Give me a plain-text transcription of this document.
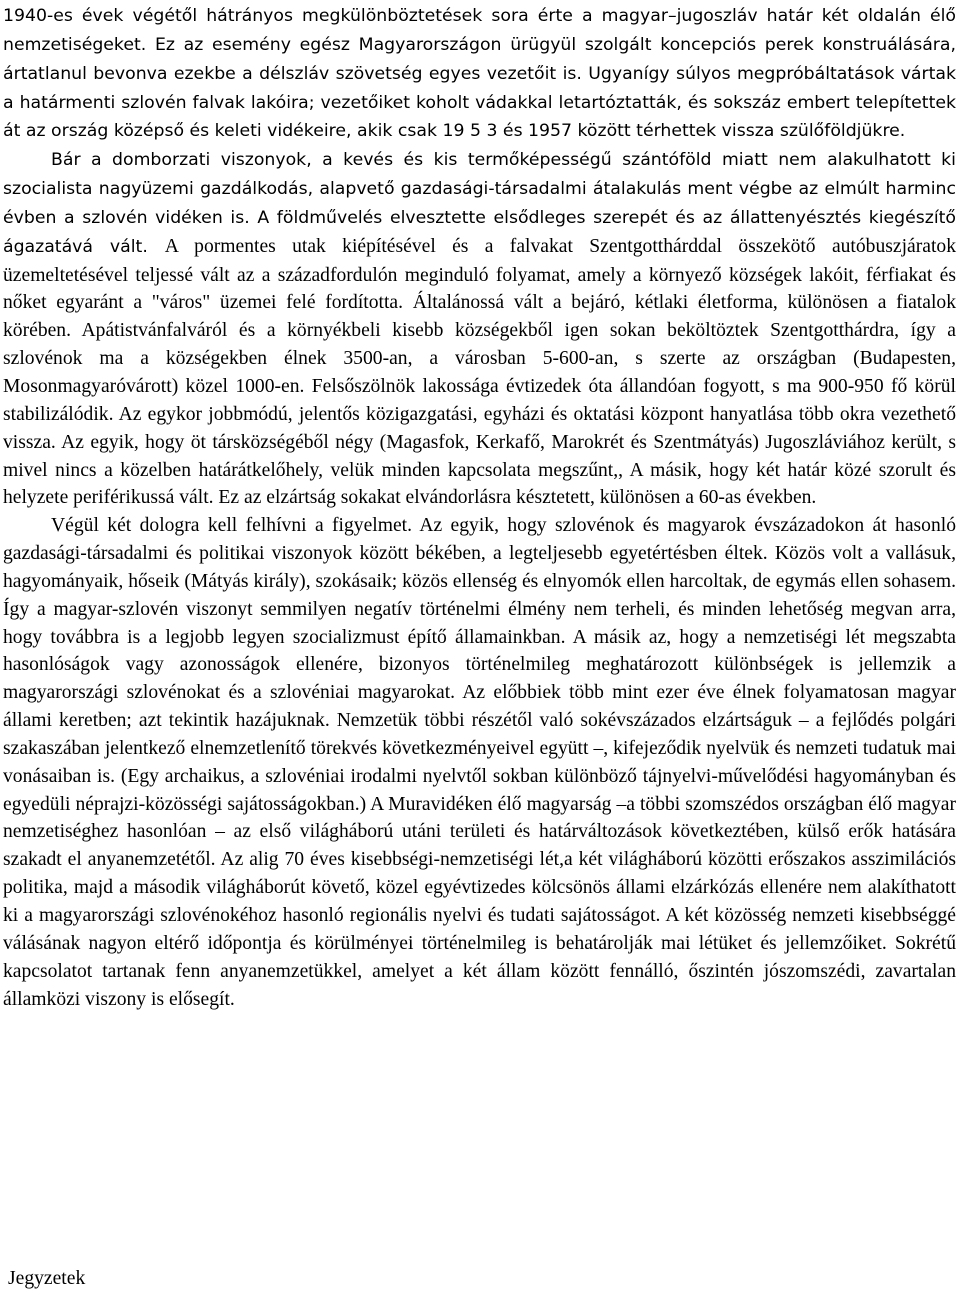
1940-es évek végétől hátrányos megkülönböztetések sora érte a magyar–jugoszláv határ két oldalán élő nemzetiségeket. Ez az esemény egész Magyarországon ürügyül szolgált koncepciós perek konstruálására, ártatlanul bevonva ezekbe a délszláv szövetség egyes vezetőit is. Ugyanígy súlyos megpróbáltatások vártak a határmenti szlovén falvak lakóira; vezetőiket koholt vádakkal letartóztatták, és sokszáz embert telepítettek át az ország középső és keleti vidékeire, akik csak 19 5 3 és 1957 között térhettek vissza szülőföldjükre.

Bár a domborzati viszonyok, a kevés és kis termőképességű szántóföld miatt nem alakulhatott ki szocialista nagyüzemi gazdálkodás, alapvető gazdasági-társadalmi átalakulás ment végbe az elmúlt harminc évben a szlovén vidéken is. A földművelés elvesztette elsődleges szerepét és az állattenyésztés kiegészítő ágazatává vált. A pormentes utak kiépítésével és a falvakat Szentgotthárddal összekötő autóbuszjáratok üzemeltetésével teljessé vált az a századfordulón meginduló folyamat, amely a környező községek lakóit, férfiakat és nőket egyaránt a "város" üzemei felé fordította. Általánossá vált a bejáró, kétlaki életforma, különösen a fiatalok körében. Apátistvánfalváról és a környékbeli kisebb községekből igen sokan beköltöztek Szentgotthárdra, így a szlovénok ma a községekben élnek 3500-an, a városban 5-600-an, s szerte az országban (Budapesten, Mosonmagyaróvárott) közel 1000-en. Felsőszölnök lakossága évtizedek óta állandóan fogyott, s ma 900-950 fő körül stabilizálódik. Az egykor jobbmódú, jelentős közigazgatási, egyházi és oktatási központ hanyatlása több okra vezethető vissza. Az egyik, hogy öt társközségéből négy (Magasfok, Kerkafő, Marokrét és Szentmátyás) Jugoszláviához került, s mivel nincs a közelben határátkelőhely, velük minden kapcsolata megszűnt,, A másik, hogy két határ közé szorult és helyzete periférikussá vált. Ez az elzártság sokakat elvándorlásra késztetett, különösen a 60-as években.

Végül két dologra kell felhívni a figyelmet. Az egyik, hogy szlovénok és magyarok évszázadokon át hasonló gazdasági-társadalmi és politikai viszonyok között békében, a legteljesebb egyetértésben éltek. Közös volt a vallásuk, hagyományaik, hőseik (Mátyás király), szokásaik; közös ellenség és elnyomók ellen harcoltak, de egymás ellen sohasem. Így a magyar-szlovén viszonyt semmilyen negatív történelmi élmény nem terheli, és minden lehetőség megvan arra, hogy továbbra is a legjobb legyen szocializmust építő államainkban. A másik az, hogy a nemzetiségi lét megszabta hasonlóságok vagy azonosságok ellenére, bizonyos történelmileg meghatározott különbségek is jellemzik a magyarországi szlovénokat és a szlovéniai magyarokat. Az előbbiek több mint ezer éve élnek folyamatosan magyar állami keretben; azt tekintik hazájuknak. Nemzetük többi részétől való sokévszázados elzártságuk – a fejlődés polgári szakaszában jelentkező elnemzetlenítő törekvés következményeivel együtt –, kifejeződik nyelvük és nemzeti tudatuk mai vonásaiban is. (Egy archaikus, a szlovéniai irodalmi nyelvtől sokban különböző tájnyelvi-művelődési hagyományban és egyedüli néprajzi-közösségi sajátosságokban.) A Muravidéken élő magyarság –a többi szomszédos országban élő magyar nemzetiséghez hasonlóan – az első világháború utáni területi és határváltozások következtében, külső erők hatására szakadt el anyanemzetétől. Az alig 70 éves kisebbségi-nemzetiségi lét,a két világháború közötti erőszakos asszimilációs politika, majd a második világháborút követő, közel egyévtizedes kölcsönös állami elzárkózás ellenére nem alakíthatott ki a magyarországi szlovénokéhoz hasonló regionális nyelvi és tudati sajátosságot. A két közösség nemzeti kisebbséggé válásának nagyon eltérő időpontja és körülményei történelmileg is behatárolják mai létüket és jellemzőiket. Sokrétű kapcsolatot tartanak fenn anyanemzetükkel, amelyet a két állam között fennálló, őszintén jószomszédi, zavartalan államközi viszony is elősegít.

Jegyzetek
